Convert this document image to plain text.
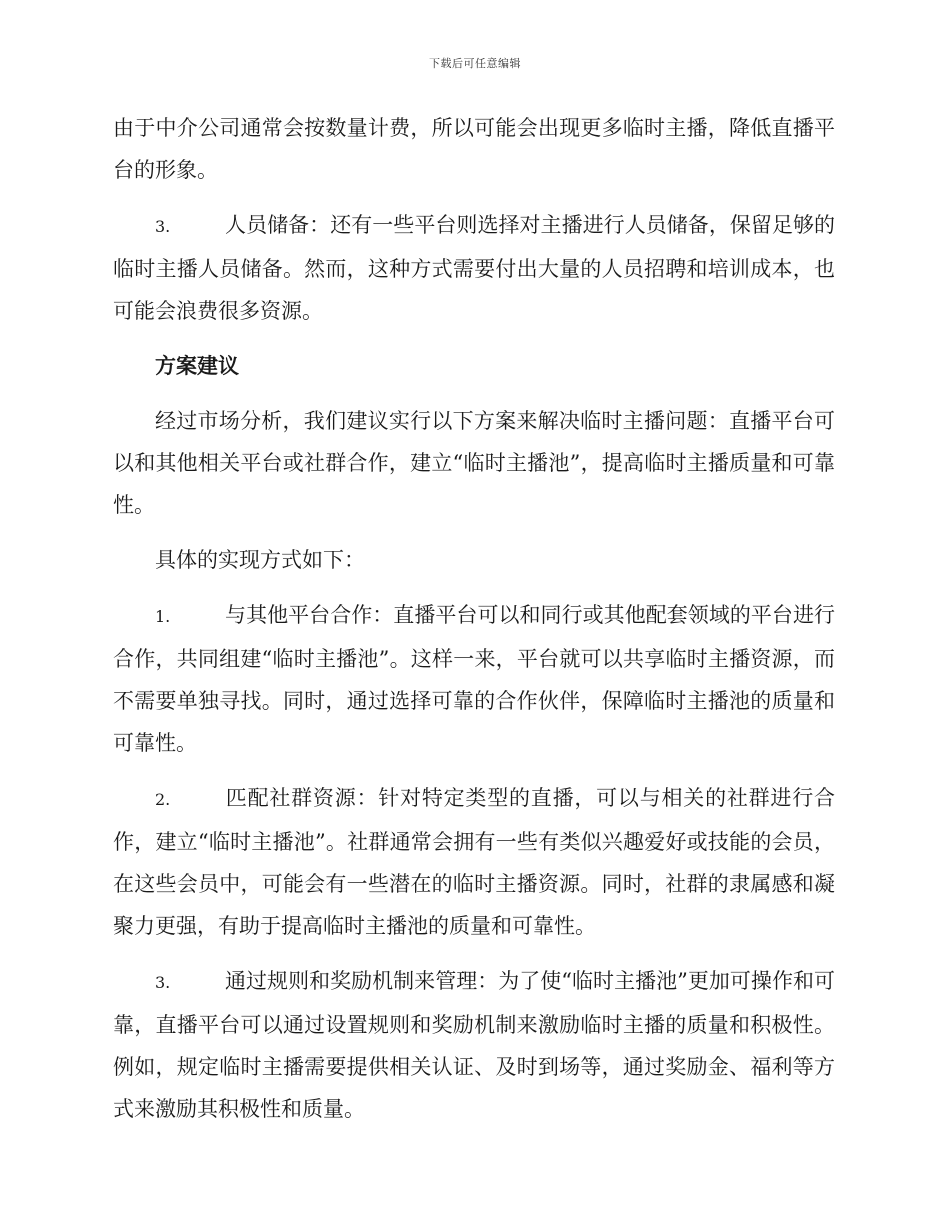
下载后可任意编辑

由于中介公司通常会按数量计费，所以可能会出现更多临时主播，降低直播平台的形象。

3.	人员储备：还有一些平台则选择对主播进行人员储备，保留足够的临时主播人员储备。然而，这种方式需要付出大量的人员招聘和培训成本，也可能会浪费很多资源。

方案建议

经过市场分析，我们建议实行以下方案来解决临时主播问题：直播平台可以和其他相关平台或社群合作，建立“临时主播池”，提高临时主播质量和可靠性。

具体的实现方式如下：

1.	与其他平台合作：直播平台可以和同行或其他配套领域的平台进行合作，共同组建“临时主播池”。这样一来，平台就可以共享临时主播资源，而不需要单独寻找。同时，通过选择可靠的合作伙伴，保障临时主播池的质量和可靠性。

2.	匹配社群资源：针对特定类型的直播，可以与相关的社群进行合作，建立“临时主播池”。社群通常会拥有一些有类似兴趣爱好或技能的会员，在这些会员中，可能会有一些潜在的临时主播资源。同时，社群的隶属感和凝聚力更强，有助于提高临时主播池的质量和可靠性。

3.	通过规则和奖励机制来管理：为了使“临时主播池”更加可操作和可靠，直播平台可以通过设置规则和奖励机制来激励临时主播的质量和积极性。例如，规定临时主播需要提供相关认证、及时到场等，通过奖励金、福利等方式来激励其积极性和质量。
